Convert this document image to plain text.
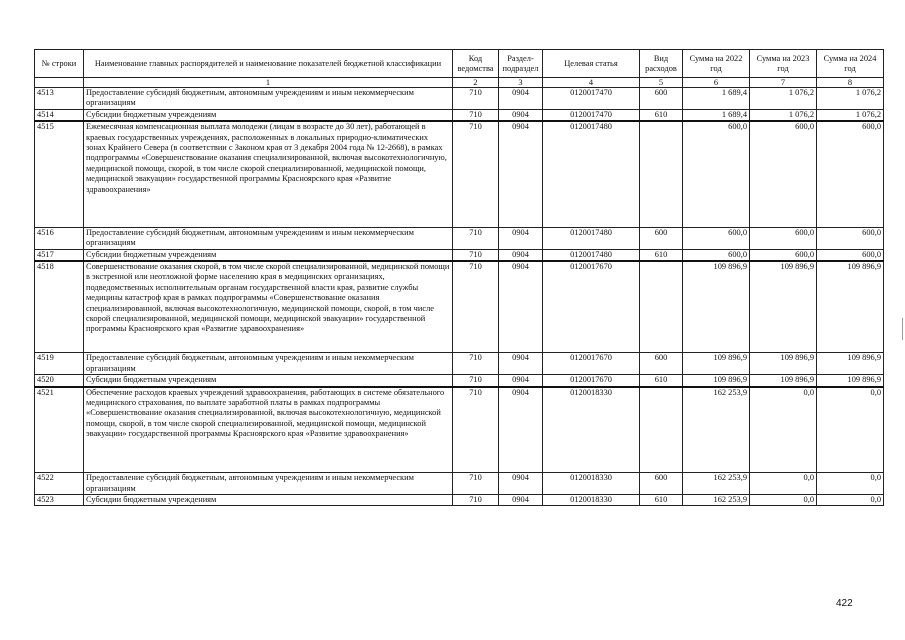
№ строки	Наименование главных распорядителей и наименование показателей бюджетной классификации	Код ведомства	Раздел-подраздел	Целевая статья	Вид расходов	Сумма на 2022 год	Сумма на 2023 год	Сумма на 2024 год
	1	2	3	4	5	6	7	8
4513	Предоставление субсидий бюджетным, автономным учреждениям и иным некоммерческим организациям	710	0904	0120017470	600	1 689,4	1 076,2	1 076,2
4514	Субсидии бюджетным учреждениям	710	0904	0120017470	610	1 689,4	1 076,2	1 076,2
4515	Ежемесячная компенсационная выплата молодежи (лицам в возрасте до 30 лет), работающей в краевых государственных учреждениях, расположенных в локальных природно-климатических зонах Крайнего Севера (в соответствии с Законом края от 3 декабря 2004 года № 12-2668), в рамках подпрограммы «Совершенствование оказания специализированной, включая высокотехнологичную, медицинской помощи, скорой, в том числе скорой специализированной, медицинской помощи, медицинской эвакуации» государственной программы Красноярского края «Развитие здравоохранения»	710	0904	0120017480		600,0	600,0	600,0
4516	Предоставление субсидий бюджетным, автономным учреждениям и иным некоммерческим организациям	710	0904	0120017480	600	600,0	600,0	600,0
4517	Субсидии бюджетным учреждениям	710	0904	0120017480	610	600,0	600,0	600,0
4518	Совершенствование оказания скорой, в том числе скорой специализированной, медицинской помощи в экстренной или неотложной форме населению края в медицинских организациях, подведомственных исполнительным органам государственной власти края, развитие службы медицины катастроф края в рамках подпрограммы «Совершенствование оказания специализированной, включая высокотехнологичную, медицинской помощи, скорой, в том числе скорой специализированной, медицинской помощи, медицинской эвакуации» государственной программы Красноярского края «Развитие здравоохранения»	710	0904	0120017670		109 896,9	109 896,9	109 896,9
4519	Предоставление субсидий бюджетным, автономным учреждениям и иным некоммерческим организациям	710	0904	0120017670	600	109 896,9	109 896,9	109 896,9
4520	Субсидии бюджетным учреждениям	710	0904	0120017670	610	109 896,9	109 896,9	109 896,9
4521	Обеспечение расходов краевых учреждений здравоохранения, работающих в системе обязательного медицинского страхования, по выплате заработной платы в рамках подпрограммы «Совершенствование оказания специализированной, включая высокотехнологичную, медицинской помощи, скорой, в том числе скорой специализированной, медицинской помощи, медицинской эвакуации» государственной программы Красноярского края «Развитие здравоохранения»	710	0904	0120018330		162 253,9	0,0	0,0
4522	Предоставление субсидий бюджетным, автономным учреждениям и иным некоммерческим организациям	710	0904	0120018330	600	162 253,9	0,0	0,0
4523	Субсидии бюджетным учреждениям	710	0904	0120018330	610	162 253,9	0,0	0,0
422
